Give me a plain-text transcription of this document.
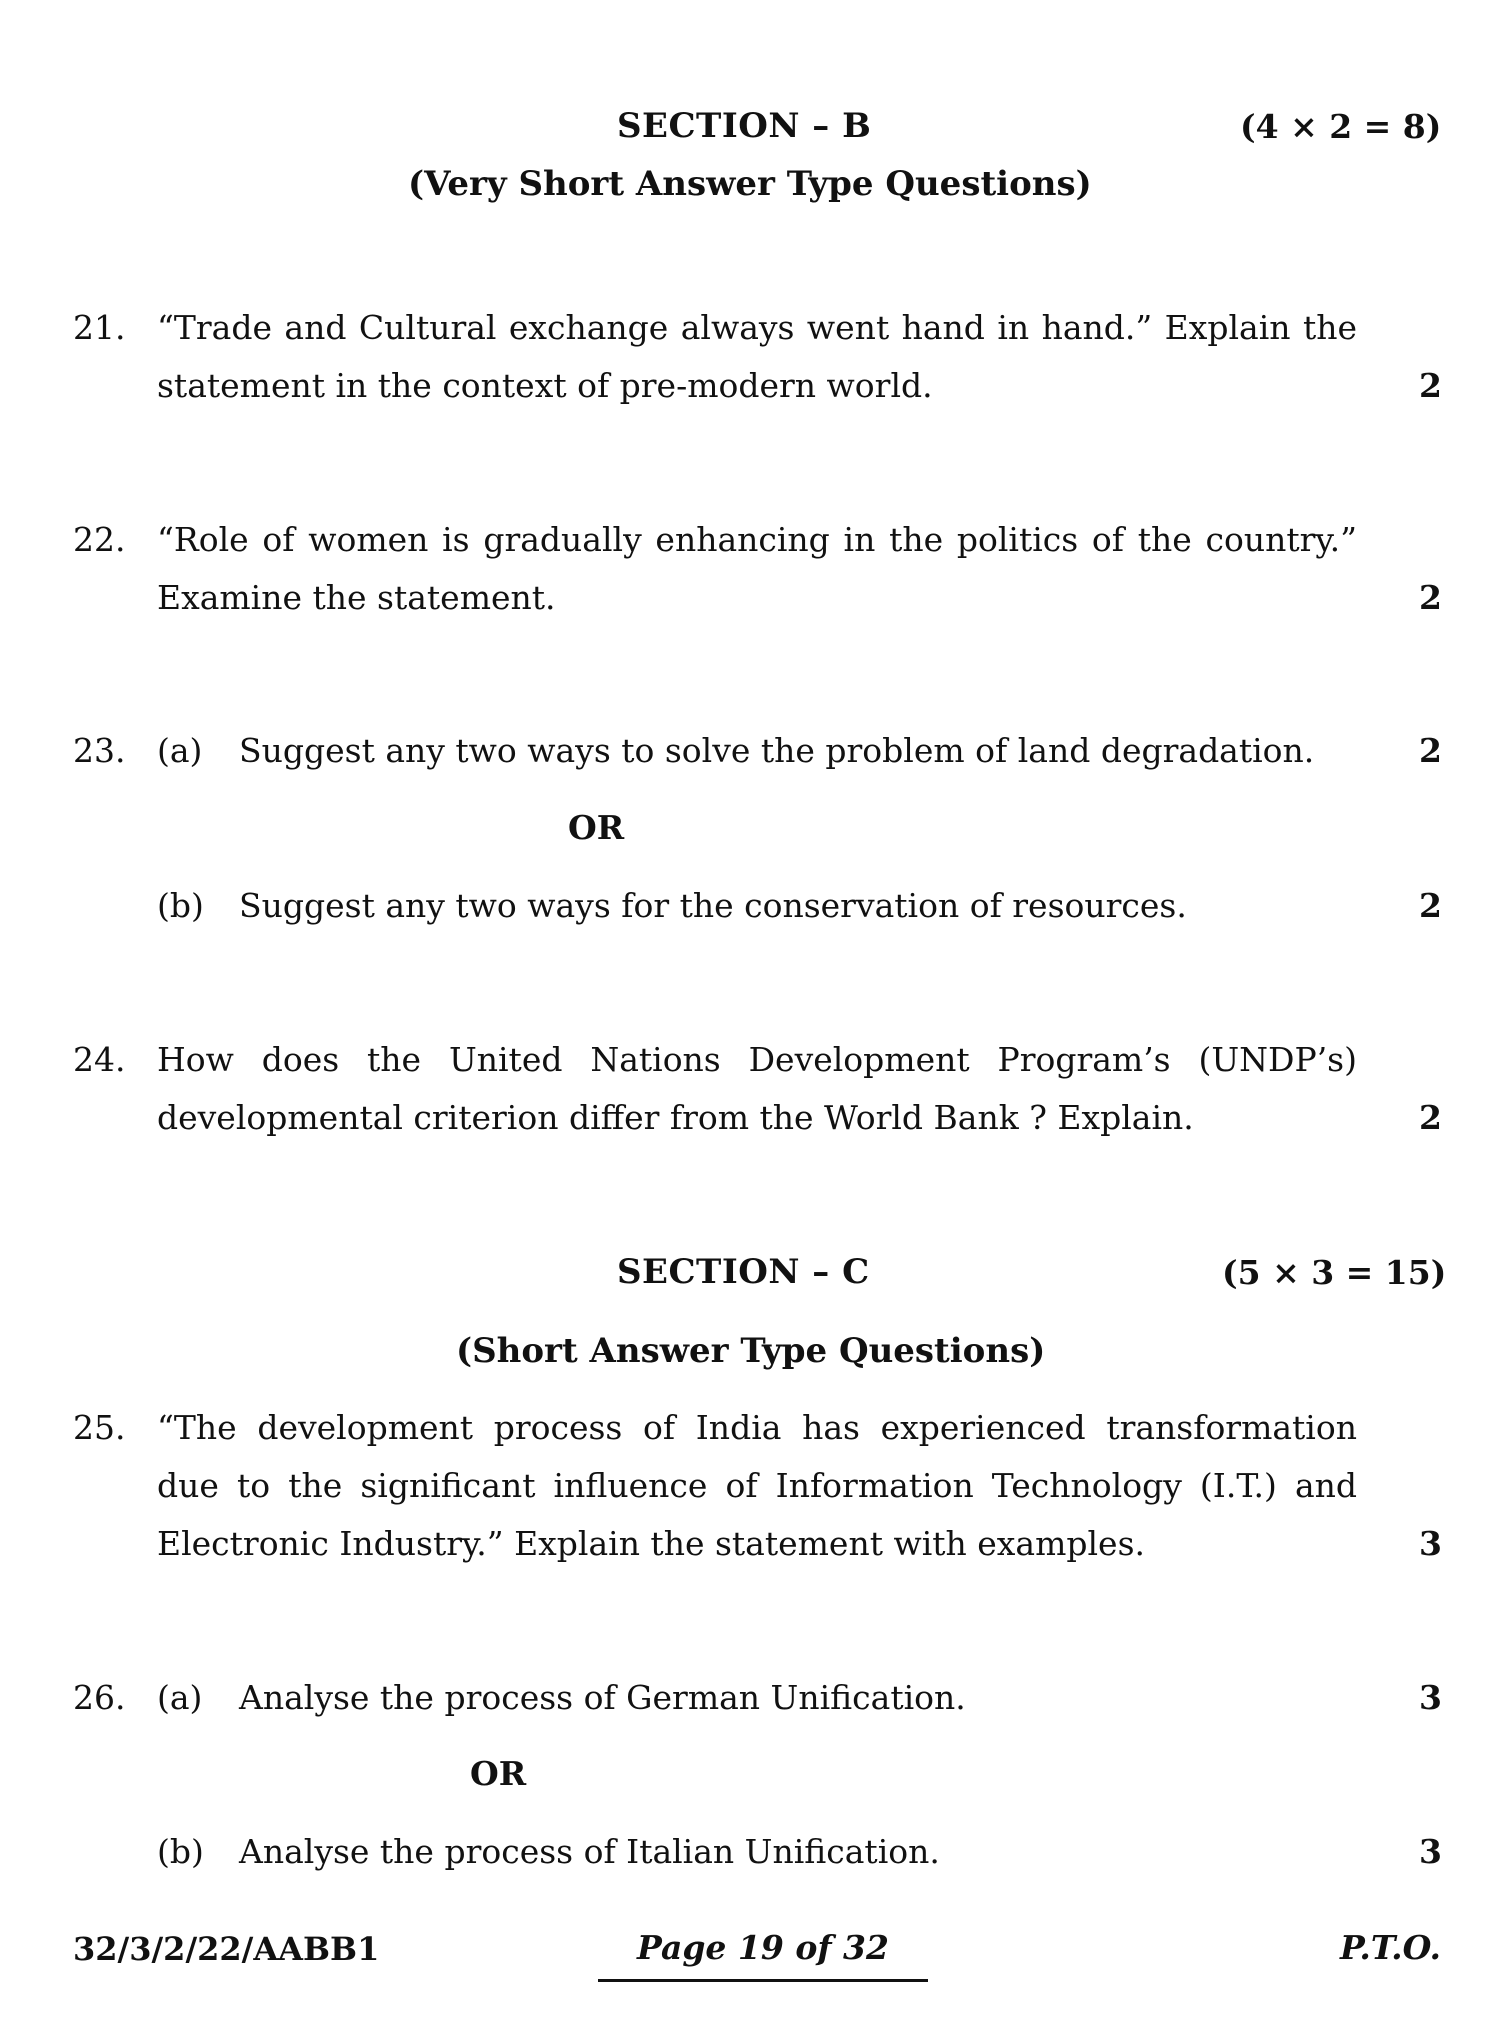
SECTION – B	(4 × 2 = 8)
(Very Short Answer Type Questions)
21. “Trade and Cultural exchange always went hand in hand.” Explain the statement in the context of pre-modern world.	2
22. “Role of women is gradually enhancing in the politics of the country.” Examine the statement.	2
23. (a) Suggest any two ways to solve the problem of land degradation.	2
OR
(b) Suggest any two ways for the conservation of resources.	2
24. How does the United Nations Development Program’s (UNDP’s) developmental criterion differ from the World Bank ? Explain.	2
SECTION – C	(5 × 3 = 15)
(Short Answer Type Questions)
25. “The development process of India has experienced transformation due to the significant influence of Information Technology (I.T.) and Electronic Industry.” Explain the statement with examples.	3
26. (a) Analyse the process of German Unification.	3
OR
(b) Analyse the process of Italian Unification.	3
32/3/2/22/AABB1	Page 19 of 32	P.T.O.
